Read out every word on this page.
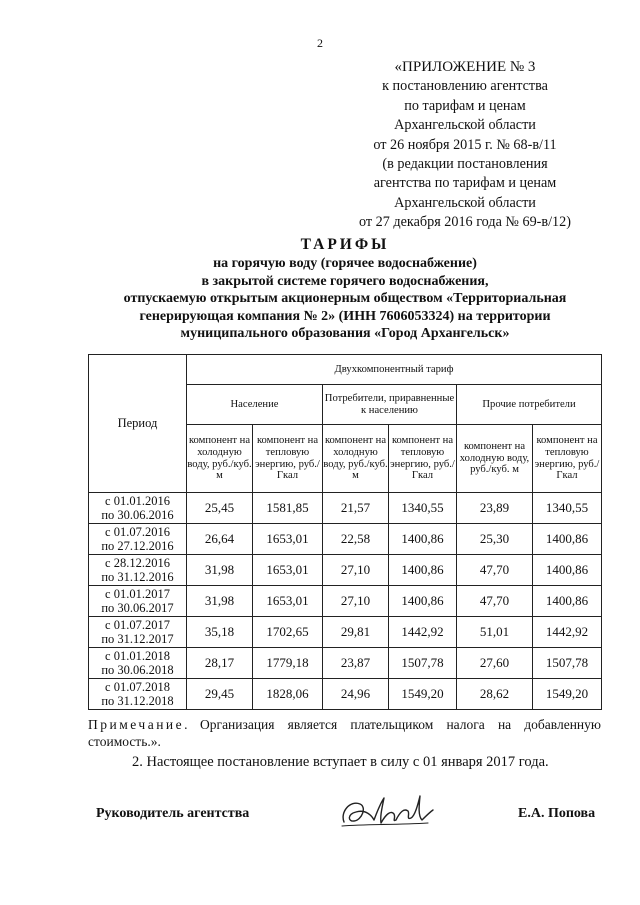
2
«ПРИЛОЖЕНИЕ № 3
к постановлению агентства
по тарифам и ценам
Архангельской области
от 26 ноября 2015 г. № 68-в/11
(в редакции постановления
агентства по тарифам и ценам
Архангельской области
от 27 декабря 2016 года № 69-в/12)
ТАРИФЫ
на горячую воду (горячее водоснабжение)
в закрытой системе горячего водоснабжения,
отпускаемую открытым акционерным обществом «Территориальная
генерирующая компания № 2» (ИНН 7606053324) на территории
муниципального образования «Город Архангельск»
Период	Двухкомпонентный тариф					
	Население		Потребители, приравненные к населению		Прочие потребители	
	компонент на холодную воду, руб./куб. м	компонент на тепловую энергию, руб./Гкал	компонент на холодную воду, руб./куб. м	компонент на тепловую энергию, руб./Гкал	компонент на холодную воду, руб./куб. м	компонент на тепловую энергию, руб./Гкал

с 01.01.2016
по 30.06.2016	25,45	1581,85	21,57	1340,55	23,89	1340,55

с 01.07.2016
по 27.12.2016	26,64	1653,01	22,58	1400,86	25,30	1400,86

с 28.12.2016
по 31.12.2016	31,98	1653,01	27,10	1400,86	47,70	1400,86

с 01.01.2017
по 30.06.2017	31,98	1653,01	27,10	1400,86	47,70	1400,86

с 01.07.2017
по 31.12.2017	35,18	1702,65	29,81	1442,92	51,01	1442,92

с 01.01.2018
по 30.06.2018	28,17	1779,18	23,87	1507,78	27,60	1507,78

с 01.07.2018
по 31.12.2018	29,45	1828,06	24,96	1549,20	28,62	1549,20
Примечание. Организация является плательщиком налога на добавленную стоимость.».
2. Настоящее постановление вступает в силу с 01 января 2017 года.
Руководитель агентства	Е.А. Попова
